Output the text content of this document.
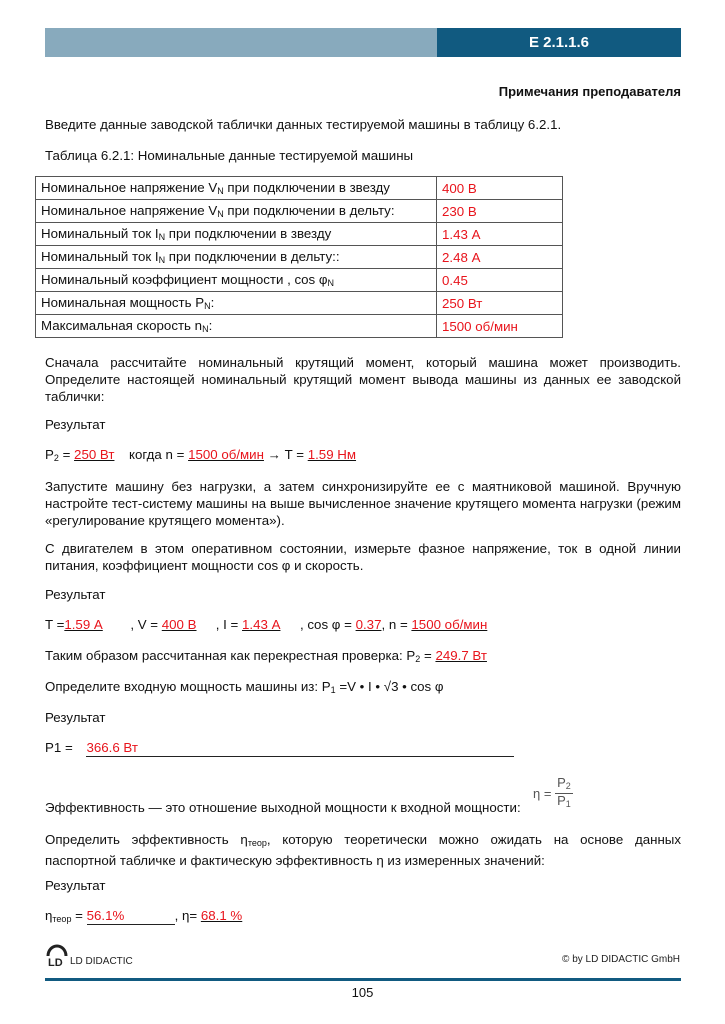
E 2.1.1.6
Примечания преподавателя
Введите данные заводской таблички данных тестируемой машины в таблицу 6.2.1.
Таблица 6.2.1: Номинальные данные тестируемой машины
Номинальное напряжение $V_N$ при подключении в звезду	400 В
Номинальное напряжение $V_N$ при подключении в дельту:	230 В
Номинальный ток $I_N$ при подключении в звезду	1.43 А
Номинальный ток $I_N$ при подключении в дельту::	2.48 А
Номинальный коэффициент мощности , $\cos \varphi_N$	0.45
Номинальная мощность $P_N$:	250 Вт
Максимальная скорость $n_N$:	1500 об/мин
Сначала рассчитайте номинальный крутящий момент, который машина может производить. Определите настоящей номинальный крутящий момент вывода машины из данных ее заводской таблички:
Результат
$P_2 = 250$ Вт когда n = 1500 об/мин → T = 1.59 Нм
Запустите машину без нагрузки, а затем синхронизируйте ее с маятниковой машиной. Вручную настройте тест-систему машины на выше вычисленное значение крутящего момента нагрузки (режим «регулирование крутящего момента»).
С двигателем в этом оперативном состоянии, измерьте фазное напряжение, ток в одной линии питания, коэффициент мощности cos φ и скорость.
Результат
T =1.59 А , V = 400 В , I = 1.43 А , cos φ = 0.37, n = 1500 об/мин
Таким образом рассчитанная как перекрестная проверка: $P_2 = 249.7$ Вт
Определите входную мощность машины из: $P_1 =V$ • I • √3 • cos φ
Результат
P1 = 366.6 Вт
Эффективность — это отношение выходной мощности к входной мощности:
$\eta = \frac{P_2}{P_1}$
Определить эффективность $\eta_{теор}$, которую теоретически можно ожидать на основе данных паспортной табличке и фактическую эффективность η из измеренных значений:
Результат
$\eta_{теор} = 56.1\%$	, η= 68.1 %
LD LD DIDACTIC	© by LD DIDACTIC GmbH
105
